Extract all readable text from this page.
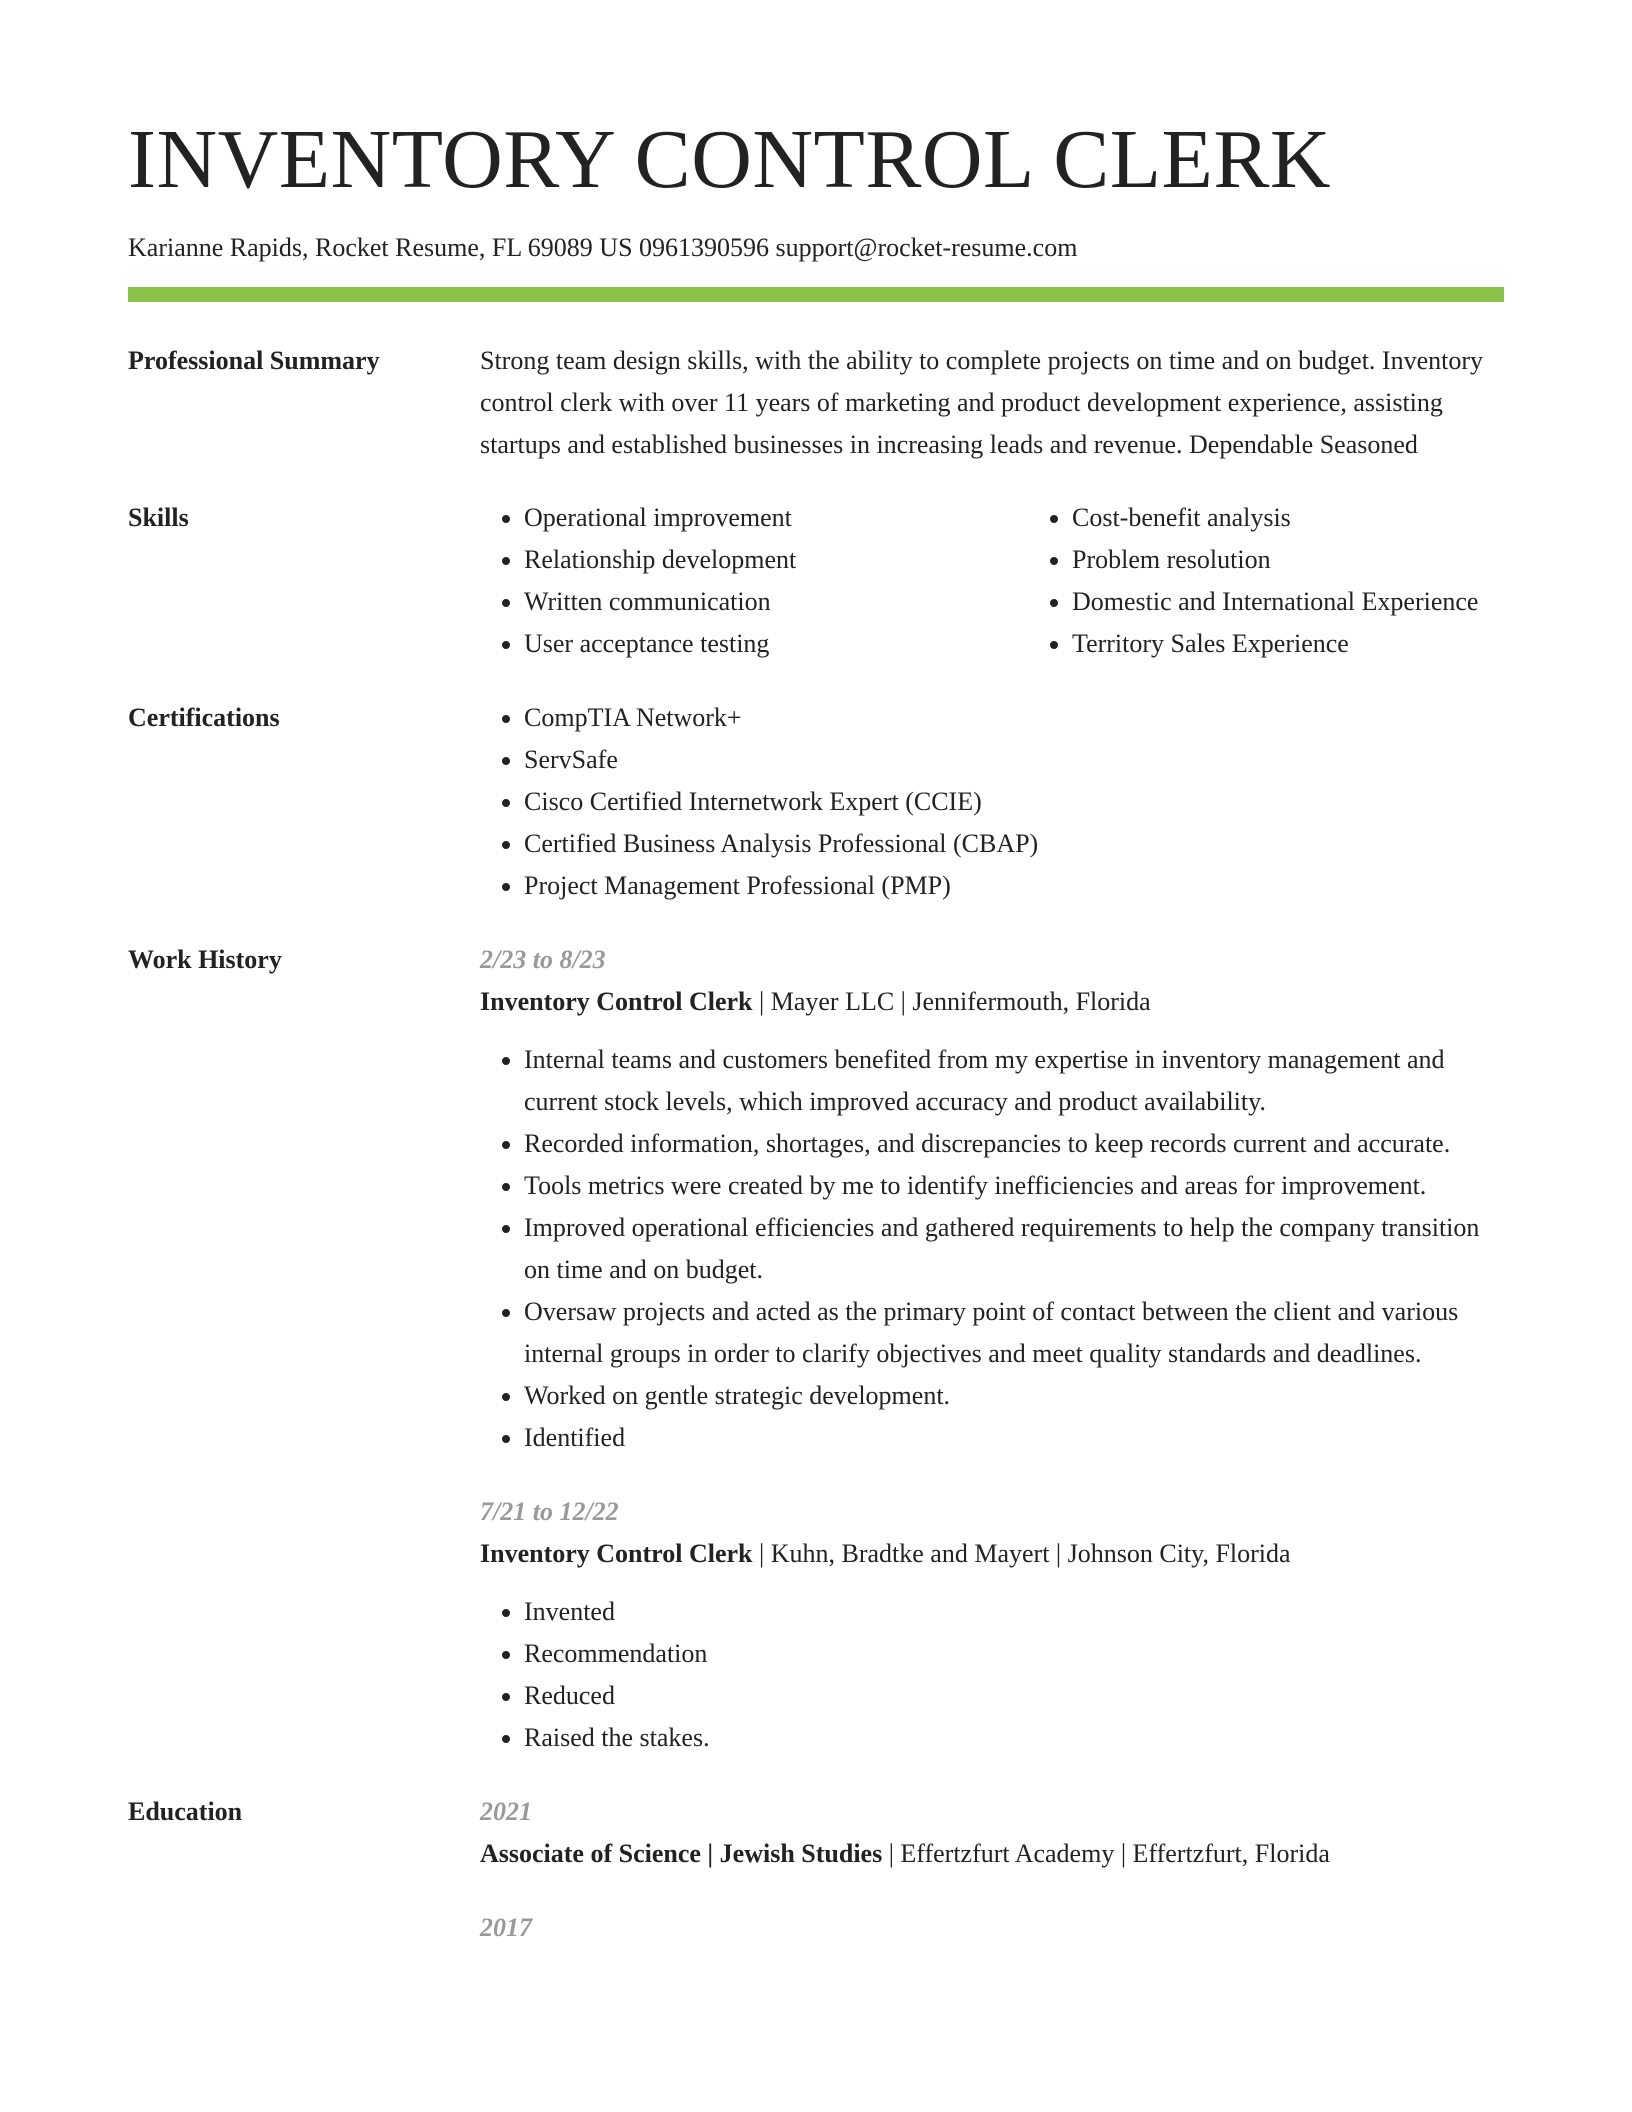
INVENTORY CONTROL CLERK
Karianne Rapids, Rocket Resume, FL 69089 US 0961390596 support@rocket-resume.com
Professional Summary	Strong team design skills, with the ability to complete projects on time and on budget. Inventory control clerk with over 11 years of marketing and product development experience, assisting startups and established businesses in increasing leads and revenue. Dependable Seasoned

Skills	• Operational improvement
• Relationship development
• Written communication
• User acceptance testing
• Cost-benefit analysis
• Problem resolution
• Domestic and International Experience
• Territory Sales Experience
Certifications	• CompTIA Network+
• ServSafe
• Cisco Certified Internetwork Expert (CCIE)
• Certified Business Analysis Professional (CBAP)
• Project Management Professional (PMP)
Work History	2/23 to 8/23
Inventory Control Clerk | Mayer LLC | Jennifermouth, Florida
• Internal teams and customers benefited from my expertise in inventory management and current stock levels, which improved accuracy and product availability.
• Recorded information, shortages, and discrepancies to keep records current and accurate.
• Tools metrics were created by me to identify inefficiencies and areas for improvement.
• Improved operational efficiencies and gathered requirements to help the company transition on time and on budget.
• Oversaw projects and acted as the primary point of contact between the client and various internal groups in order to clarify objectives and meet quality standards and deadlines.
• Worked on gentle strategic development.
• Identified
7/21 to 12/22
Inventory Control Clerk | Kuhn, Bradtke and Mayert | Johnson City, Florida
• Invented
• Recommendation
• Reduced
• Raised the stakes.
Education	2021
Associate of Science | Jewish Studies | Effertzfurt Academy | Effertzfurt, Florida
2017
